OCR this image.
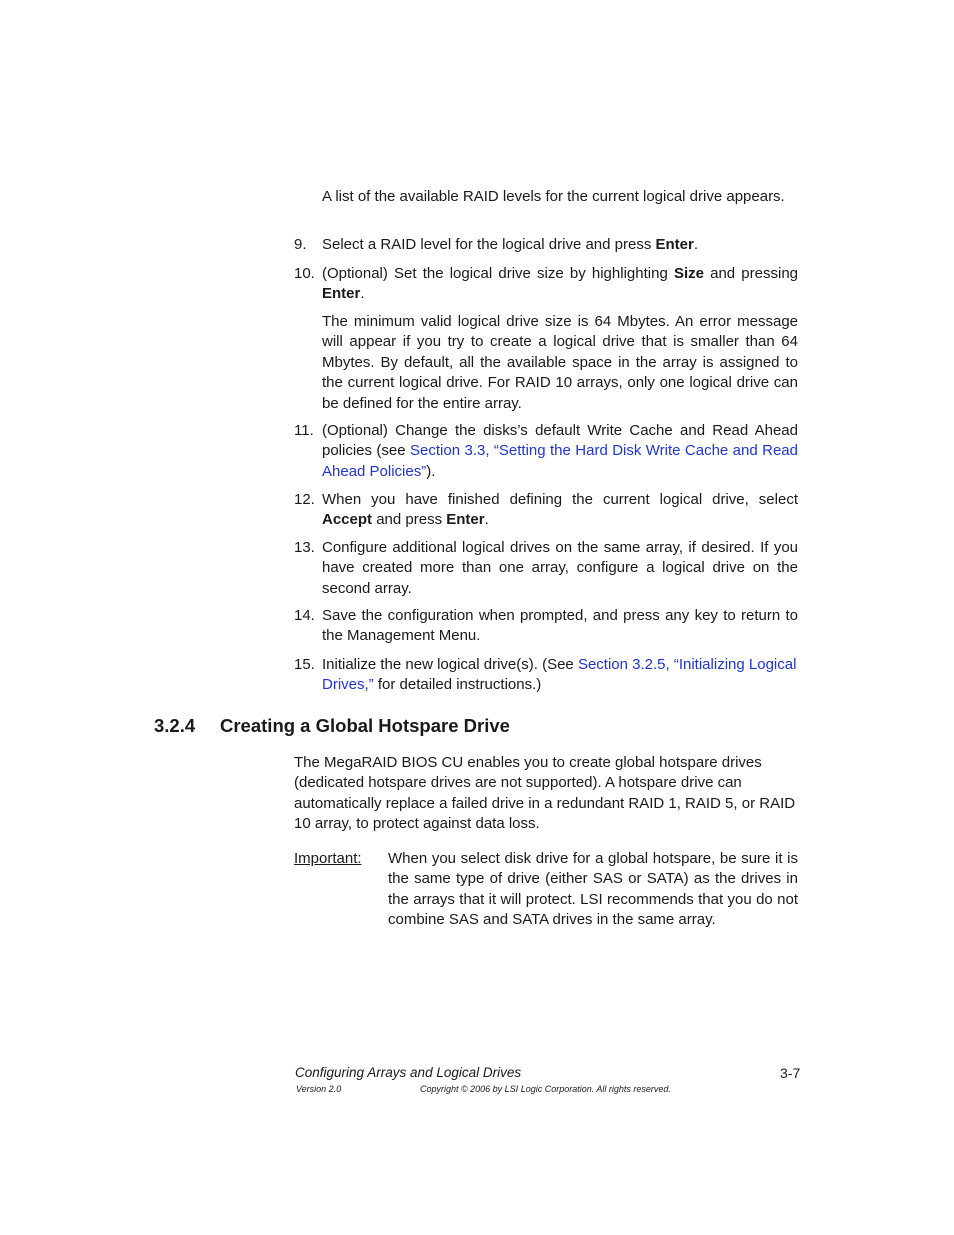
A list of the available RAID levels for the current logical drive appears.
9. Select a RAID level for the logical drive and press Enter.
10. (Optional) Set the logical drive size by highlighting Size and pressing Enter.
The minimum valid logical drive size is 64 Mbytes. An error message will appear if you try to create a logical drive that is smaller than 64 Mbytes. By default, all the available space in the array is assigned to the current logical drive. For RAID 10 arrays, only one logical drive can be defined for the entire array.
11. (Optional) Change the disks’s default Write Cache and Read Ahead policies (see Section 3.3, “Setting the Hard Disk Write Cache and Read Ahead Policies”).
12. When you have finished defining the current logical drive, select Accept and press Enter.
13. Configure additional logical drives on the same array, if desired. If you have created more than one array, configure a logical drive on the second array.
14. Save the configuration when prompted, and press any key to return to the Management Menu.
15. Initialize the new logical drive(s). (See Section 3.2.5, “Initializing Logical Drives,” for detailed instructions.)
3.2.4 Creating a Global Hotspare Drive
The MegaRAID BIOS CU enables you to create global hotspare drives (dedicated hotspare drives are not supported). A hotspare drive can automatically replace a failed drive in a redundant RAID 1, RAID 5, or RAID 10 array, to protect against data loss.
Important: When you select disk drive for a global hotspare, be sure it is the same type of drive (either SAS or SATA) as the drives in the arrays that it will protect. LSI recommends that you do not combine SAS and SATA drives in the same array.
Configuring Arrays and Logical Drives	3-7
Version 2.0	Copyright © 2006 by LSI Logic Corporation. All rights reserved.
